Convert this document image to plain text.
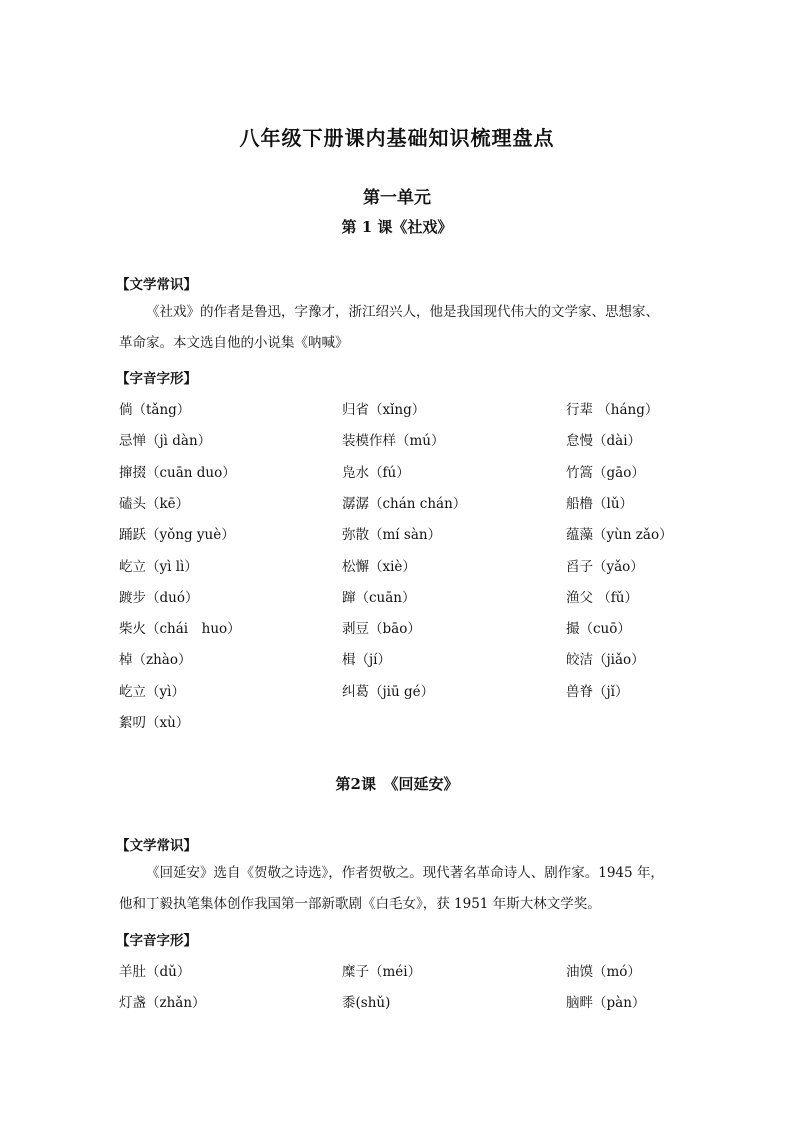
八年级下册课内基础知识梳理盘点
第一单元
第 1 课《社戏》
【文学常识】
《社戏》的作者是鲁迅，字豫才，浙江绍兴人，他是我国现代伟大的文学家、思想家、
革命家。本文选自他的小说集《呐喊》
【字音字形】
倘（tǎng）	归省（xǐng）	行辈 （háng）
忌惮（jì dàn）	装模作样（mú）	怠慢（dài）
撺掇（cuān duo）	凫水（fú）	竹篙（gāo）
磕头（kē）	潺潺（chán chán）	船橹（lǔ）
踊跃（yǒng yuè）	弥散（mí sàn）	蕴藻（yùn zǎo）
屹立（yì lì）	松懈（xiè）	舀子（yǎo）
踱步（duó）	蹿（cuān）	渔父 （fǔ）
柴火（chái　huo）	剥豆（bāo）	撮（cuō）
棹（zhào）	楫（jí）	皎洁（jiǎo）
屹立（yì）	纠葛（jiū gé）	兽脊（jǐ）
絮叨（xù）
第2课　《回延安》
【文学常识】
《回延安》选自《贺敬之诗选》，作者贺敬之。现代著名革命诗人、剧作家。1945 年，
他和丁毅执笔集体创作我国第一部新歌剧《白毛女》，获 1951 年斯大林文学奖。
【字音字形】
羊肚（dǔ）	糜子（méi）	油馍（mó）
灯盏（zhǎn）	黍(shǔ)	脑畔（pàn）
